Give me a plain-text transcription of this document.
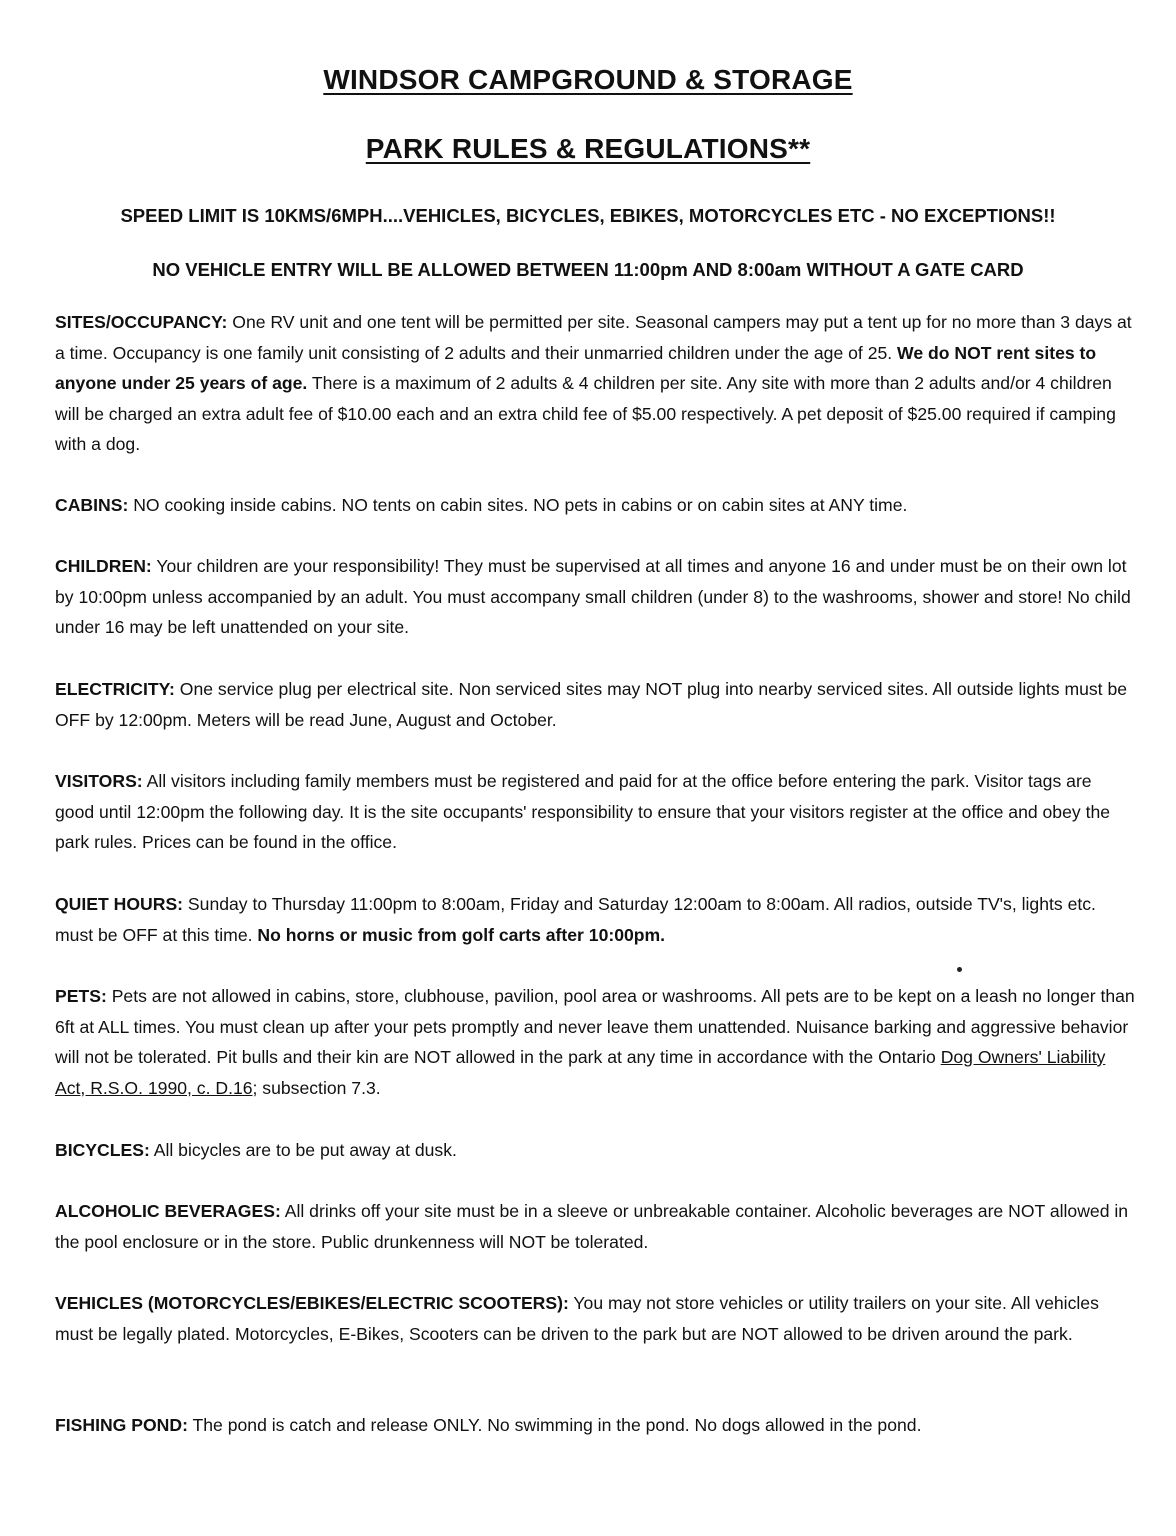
WINDSOR CAMPGROUND & STORAGE
PARK RULES & REGULATIONS**
SPEED LIMIT IS 10KMS/6MPH....VEHICLES, BICYCLES, EBIKES, MOTORCYCLES ETC - NO EXCEPTIONS!!
NO VEHICLE ENTRY WILL BE ALLOWED BETWEEN 11:00pm AND 8:00am WITHOUT A GATE CARD
SITES/OCCUPANCY: One RV unit and one tent will be permitted per site. Seasonal campers may put a tent up for no more than 3 days at a time. Occupancy is one family unit consisting of 2 adults and their unmarried children under the age of 25. We do NOT rent sites to anyone under 25 years of age. There is a maximum of 2 adults & 4 children per site. Any site with more than 2 adults and/or 4 children will be charged an extra adult fee of $10.00 each and an extra child fee of $5.00 respectively. A pet deposit of $25.00 required if camping with a dog.
CABINS: NO cooking inside cabins. NO tents on cabin sites. NO pets in cabins or on cabin sites at ANY time.
CHILDREN: Your children are your responsibility! They must be supervised at all times and anyone 16 and under must be on their own lot by 10:00pm unless accompanied by an adult. You must accompany small children (under 8) to the washrooms, shower and store! No child under 16 may be left unattended on your site.
ELECTRICITY: One service plug per electrical site. Non serviced sites may NOT plug into nearby serviced sites. All outside lights must be OFF by 12:00pm. Meters will be read June, August and October.
VISITORS: All visitors including family members must be registered and paid for at the office before entering the park. Visitor tags are good until 12:00pm the following day. It is the site occupants' responsibility to ensure that your visitors register at the office and obey the park rules. Prices can be found in the office.
QUIET HOURS: Sunday to Thursday 11:00pm to 8:00am, Friday and Saturday 12:00am to 8:00am. All radios, outside TV's, lights etc. must be OFF at this time. No horns or music from golf carts after 10:00pm.
PETS: Pets are not allowed in cabins, store, clubhouse, pavilion, pool area or washrooms. All pets are to be kept on a leash no longer than 6ft at ALL times. You must clean up after your pets promptly and never leave them unattended. Nuisance barking and aggressive behavior will not be tolerated. Pit bulls and their kin are NOT allowed in the park at any time in accordance with the Ontario Dog Owners' Liability Act, R.S.O. 1990, c. D.16; subsection 7.3.
BICYCLES: All bicycles are to be put away at dusk.
ALCOHOLIC BEVERAGES: All drinks off your site must be in a sleeve or unbreakable container. Alcoholic beverages are NOT allowed in the pool enclosure or in the store. Public drunkenness will NOT be tolerated.
VEHICLES (MOTORCYCLES/EBIKES/ELECTRIC SCOOTERS): You may not store vehicles or utility trailers on your site. All vehicles must be legally plated. Motorcycles, E-Bikes, Scooters can be driven to the park but are NOT allowed to be driven around the park.
FISHING POND: The pond is catch and release ONLY. No swimming in the pond. No dogs allowed in the pond.
